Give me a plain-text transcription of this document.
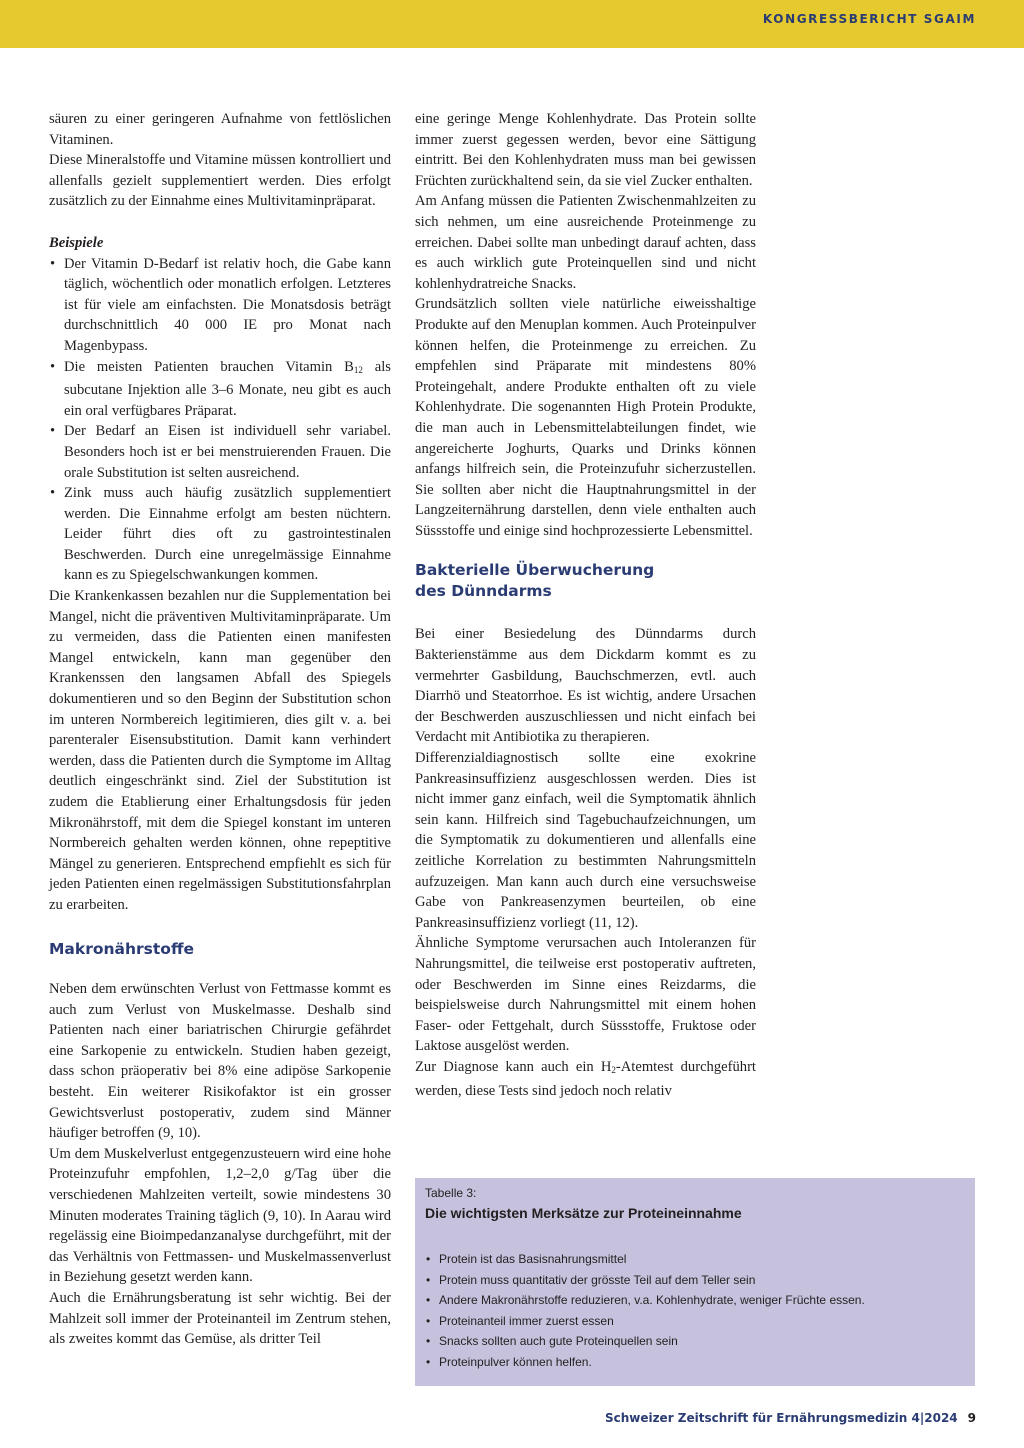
KONGRESSBERICHT SGAIM

säuren zu einer geringeren Aufnahme von fettlöslichen Vitaminen.

Diese Mineralstoffe und Vitamine müssen kontrolliert und allenfalls gezielt supplementiert werden. Dies erfolgt zusätzlich zu der Einnahme eines Multivitaminpräparat.

Beispiele

• Der Vitamin D-Bedarf ist relativ hoch, die Gabe kann täglich, wöchentlich oder monatlich erfolgen. Letzteres ist für viele am einfachsten. Die Monatsdosis beträgt durchschnittlich 40 000 IE pro Monat nach Magenbypass.
• Die meisten Patienten brauchen Vitamin B12 als subcutane Injektion alle 3–6 Monate, neu gibt es auch ein oral verfügbares Präparat.
• Der Bedarf an Eisen ist individuell sehr variabel. Besonders hoch ist er bei menstruierenden Frauen. Die orale Substitution ist selten ausreichend.
• Zink muss auch häufig zusätzlich supplementiert werden. Die Einnahme erfolgt am besten nüchtern. Leider führt dies oft zu gastrointestinalen Beschwerden. Durch eine unregelmässige Einnahme kann es zu Spiegelschwankungen kommen.

Die Krankenkassen bezahlen nur die Supplementation bei Mangel, nicht die präventiven Multivitaminpräparate. Um zu vermeiden, dass die Patienten einen manifesten Mangel entwickeln, kann man gegenüber den Krankenssen den langsamen Abfall des Spiegels dokumentieren und so den Beginn der Substitution schon im unteren Normbereich legitimieren, dies gilt v. a. bei parenteraler Eisensubstitution. Damit kann verhindert werden, dass die Patienten durch die Symptome im Alltag deutlich eingeschränkt sind. Ziel der Substitution ist zudem die Etablierung einer Erhaltungsdosis für jeden Mikronährstoff, mit dem die Spiegel konstant im unteren Normbereich gehalten werden können, ohne repeptitive Mängel zu generieren. Entsprechend empfiehlt es sich für jeden Patienten einen regelmässigen Substitutionsfahrplan zu erarbeiten.

Makronährstoffe

Neben dem erwünschten Verlust von Fettmasse kommt es auch zum Verlust von Muskelmasse. Deshalb sind Patienten nach einer bariatrischen Chirurgie gefährdet eine Sarkopenie zu entwickeln. Studien haben gezeigt, dass schon präoperativ bei 8% eine adipöse Sarkopenie besteht. Ein weiterer Risikofaktor ist ein grosser Gewichtsverlust postoperativ, zudem sind Männer häufiger betroffen (9, 10).

Um dem Muskelverlust entgegenzusteuern wird eine hohe Proteinzufuhr empfohlen, 1,2–2,0 g/Tag über die verschiedenen Mahlzeiten verteilt, sowie mindestens 30 Minuten moderates Training täglich (9, 10). In Aarau wird regelässig eine Bioimpedanzanalyse durchgeführt, mit der das Verhältnis von Fettmassen- und Muskelmassenverlust in Beziehung gesetzt werden kann.

Auch die Ernährungsberatung ist sehr wichtig. Bei der Mahlzeit soll immer der Proteinanteil im Zentrum stehen, als zweites kommt das Gemüse, als dritter Teil

eine geringe Menge Kohlenhydrate. Das Protein sollte immer zuerst gegessen werden, bevor eine Sättigung eintritt. Bei den Kohlenhydraten muss man bei gewissen Früchten zurückhaltend sein, da sie viel Zucker enthalten.

Am Anfang müssen die Patienten Zwischenmahlzeiten zu sich nehmen, um eine ausreichende Proteinmenge zu erreichen. Dabei sollte man unbedingt darauf achten, dass es auch wirklich gute Proteinquellen sind und nicht kohlenhydratreiche Snacks.

Grundsätzlich sollten viele natürliche eiweisshaltige Produkte auf den Menuplan kommen. Auch Proteinpulver können helfen, die Proteinmenge zu erreichen. Zu empfehlen sind Präparate mit mindestens 80% Proteingehalt, andere Produkte enthalten oft zu viele Kohlenhydrate. Die sogenannten High Protein Produkte, die man auch in Lebensmittelabteilungen findet, wie angereicherte Joghurts, Quarks und Drinks können anfangs hilfreich sein, die Proteinzufuhr sicherzustellen. Sie sollten aber nicht die Hauptnahrungsmittel in der Langzeiternährung darstellen, denn viele enthalten auch Süssstoffe und einige sind hochprozessierte Lebensmittel.

Bakterielle Überwucherung des Dünndarms

Bei einer Besiedelung des Dünndarms durch Bakterienstämme aus dem Dickdarm kommt es zu vermehrter Gasbildung, Bauchschmerzen, evtl. auch Diarrhö und Steatorrhoe. Es ist wichtig, andere Ursachen der Beschwerden auszuschliessen und nicht einfach bei Verdacht mit Antibiotika zu therapieren.

Differenzialdiagnostisch sollte eine exokrine Pankreasinsuffizienz ausgeschlossen werden. Dies ist nicht immer ganz einfach, weil die Symptomatik ähnlich sein kann. Hilfreich sind Tagebuchaufzeichnungen, um die Symptomatik zu dokumentieren und allenfalls eine zeitliche Korrelation zu bestimmten Nahrungsmitteln aufzuzeigen. Man kann auch durch eine versuchsweise Gabe von Pankreasenzymen beurteilen, ob eine Pankreasinsuffizienz vorliegt (11, 12).

Ähnliche Symptome verursachen auch Intoleranzen für Nahrungsmittel, die teilweise erst postoperativ auftreten, oder Beschwerden im Sinne eines Reizdarms, die beispielsweise durch Nahrungsmittel mit einem hohen Faser- oder Fettgehalt, durch Süssstoffe, Fruktose oder Laktose ausgelöst werden.

Zur Diagnose kann auch ein H2-Atemtest durchgeführt werden, diese Tests sind jedoch noch relativ

Tabelle 3:
Die wichtigsten Merksätze zur Proteineinnahme
• Protein ist das Basisnahrungsmittel
• Protein muss quantitativ der grösste Teil auf dem Teller sein
• Andere Makronährstoffe reduzieren, v.a. Kohlenhydrate, weniger Früchte essen.
• Proteinanteil immer zuerst essen
• Snacks sollten auch gute Proteinquellen sein
• Proteinpulver können helfen.
Schweizer Zeitschrift für Ernährungsmedizin 4|2024 9
